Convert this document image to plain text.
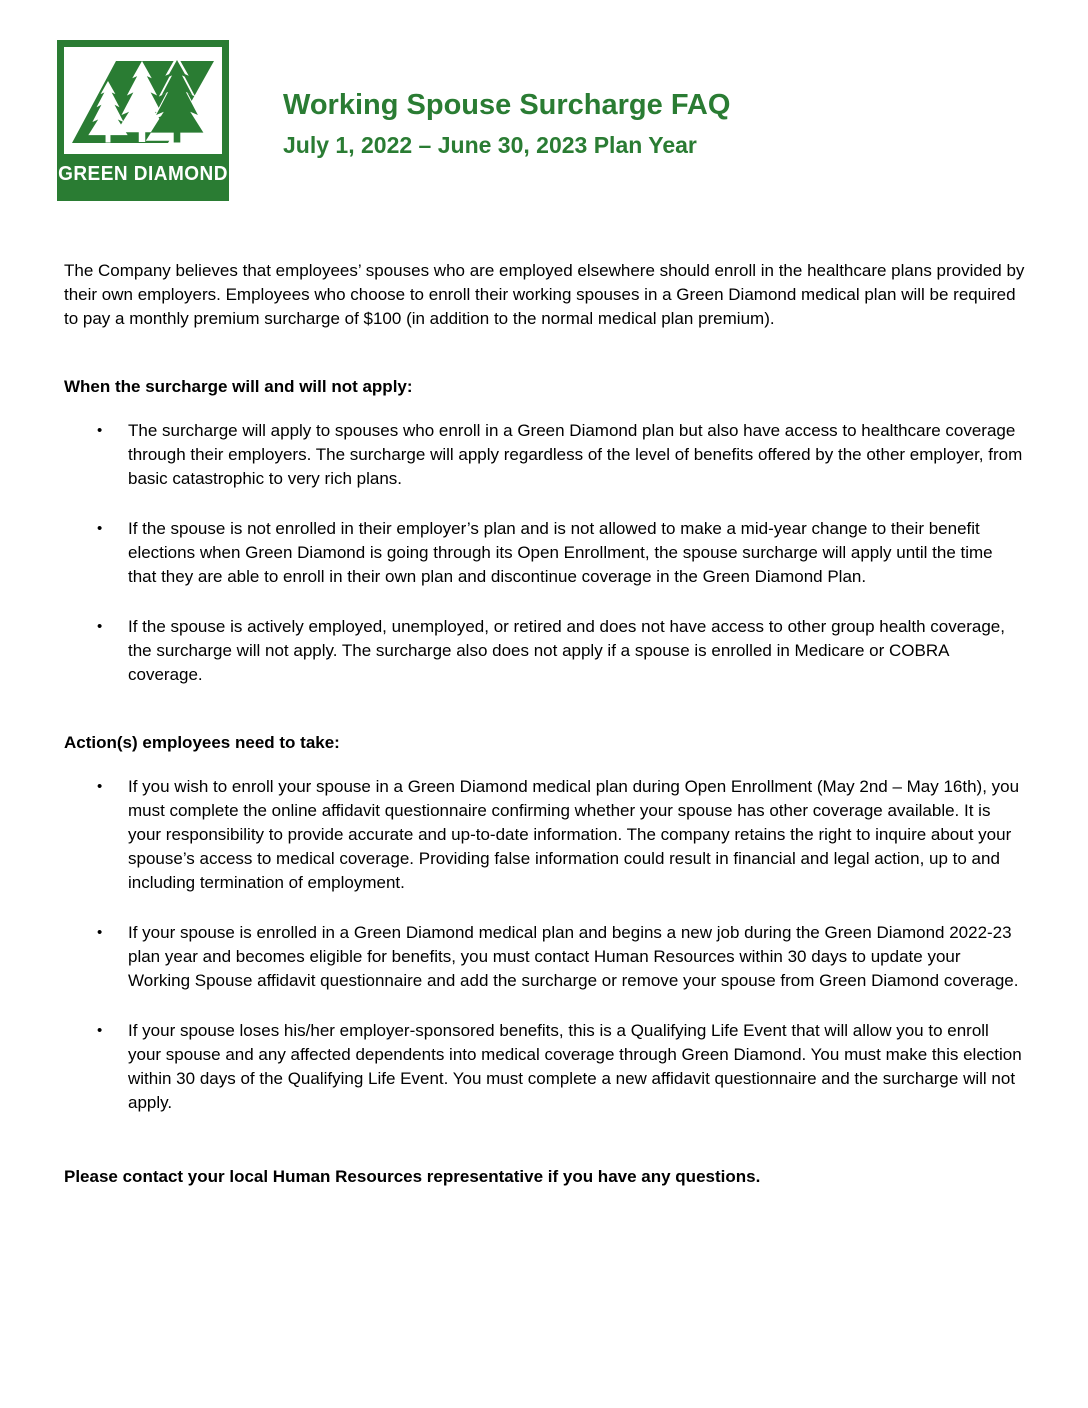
GREEN DIAMOND
Working Spouse Surcharge FAQ
July 1, 2022 – June 30, 2023 Plan Year

The Company believes that employees’ spouses who are employed elsewhere should enroll in the healthcare plans provided by their own employers. Employees who choose to enroll their working spouses in a Green Diamond medical plan will be required to pay a monthly premium surcharge of $100 (in addition to the normal medical plan premium).

When the surcharge will and will not apply:
• The surcharge will apply to spouses who enroll in a Green Diamond plan but also have access to healthcare coverage through their employers. The surcharge will apply regardless of the level of benefits offered by the other employer, from basic catastrophic to very rich plans.
• If the spouse is not enrolled in their employer’s plan and is not allowed to make a mid-year change to their benefit elections when Green Diamond is going through its Open Enrollment, the spouse surcharge will apply until the time that they are able to enroll in their own plan and discontinue coverage in the Green Diamond Plan.
• If the spouse is actively employed, unemployed, or retired and does not have access to other group health coverage, the surcharge will not apply. The surcharge also does not apply if a spouse is enrolled in Medicare or COBRA coverage.
Action(s) employees need to take:
• If you wish to enroll your spouse in a Green Diamond medical plan during Open Enrollment (May 2nd – May 16th), you must complete the online affidavit questionnaire confirming whether your spouse has other coverage available. It is your responsibility to provide accurate and up-to-date information. The company retains the right to inquire about your spouse’s access to medical coverage. Providing false information could result in financial and legal action, up to and including termination of employment.
• If your spouse is enrolled in a Green Diamond medical plan and begins a new job during the Green Diamond 2022-23 plan year and becomes eligible for benefits, you must contact Human Resources within 30 days to update your Working Spouse affidavit questionnaire and add the surcharge or remove your spouse from Green Diamond coverage.
• If your spouse loses his/her employer-sponsored benefits, this is a Qualifying Life Event that will allow you to enroll your spouse and any affected dependents into medical coverage through Green Diamond. You must make this election within 30 days of the Qualifying Life Event. You must complete a new affidavit questionnaire and the surcharge will not apply.

Please contact your local Human Resources representative if you have any questions.
